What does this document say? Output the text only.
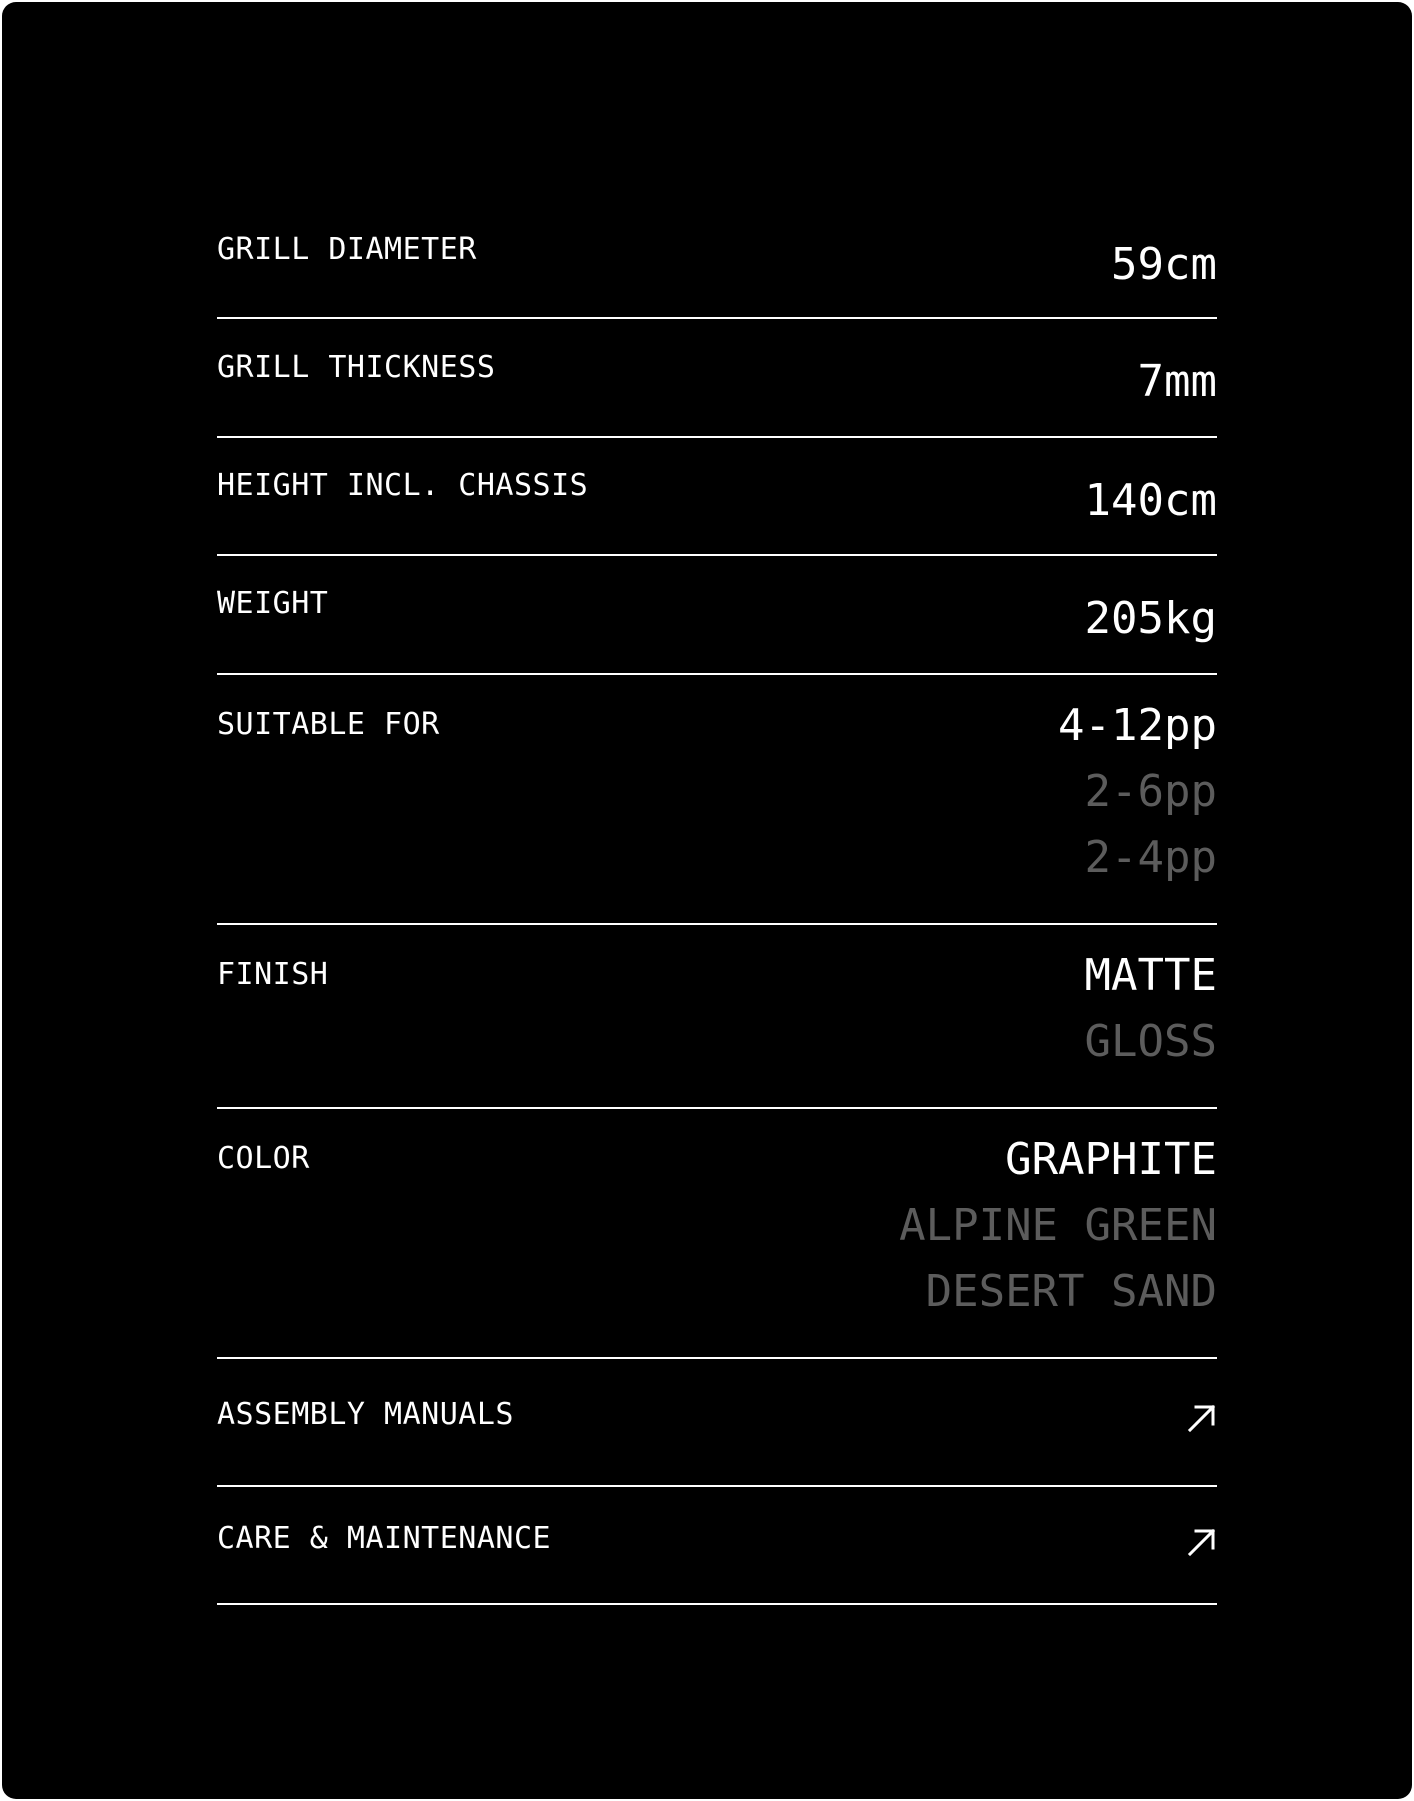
GRILL DIAMETER	59cm
GRILL THICKNESS	7mm
HEIGHT INCL. CHASSIS	140cm
WEIGHT	205kg
SUITABLE FOR	4-12pp
2-6pp
2-4pp
FINISH	MATTE
GLOSS
COLOR	GRAPHITE
ALPINE GREEN
DESERT SAND
ASSEMBLY MANUALS
CARE & MAINTENANCE
